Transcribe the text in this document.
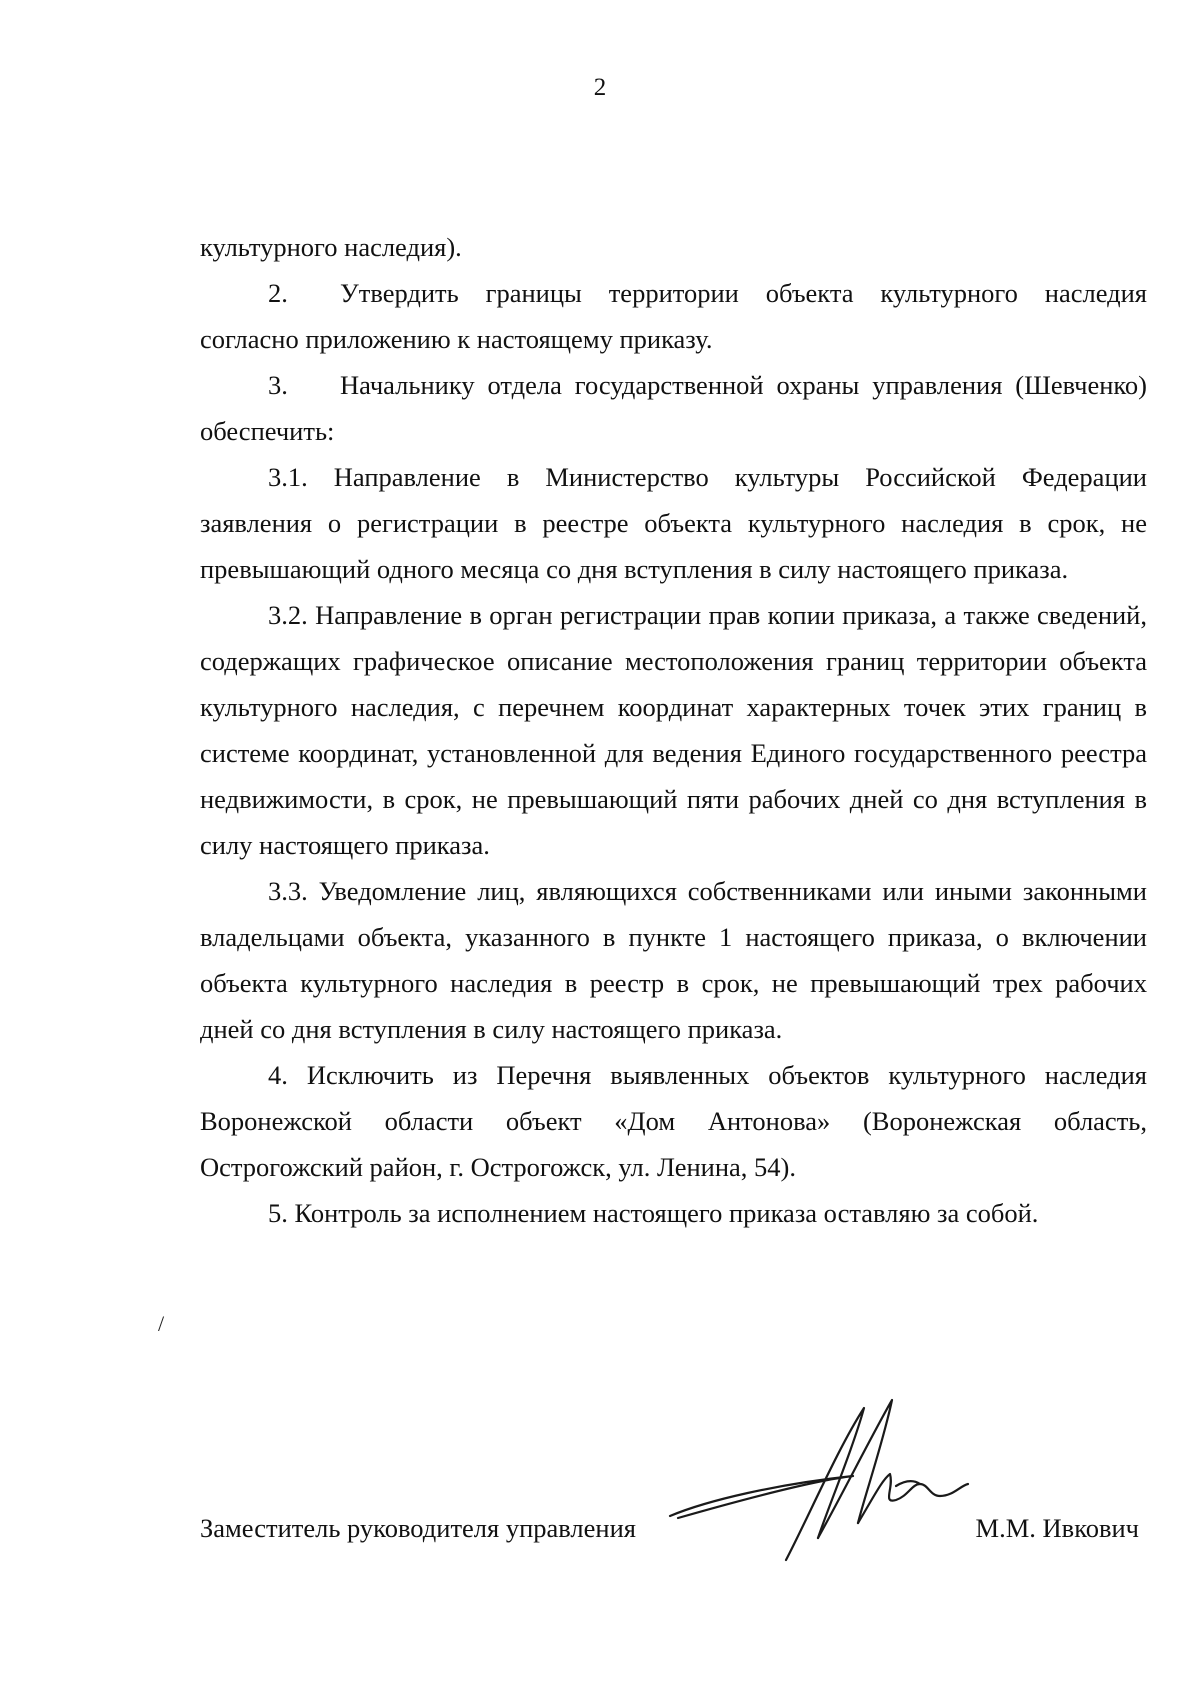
2

культурного наследия).

2. Утвердить границы территории объекта культурного наследия согласно приложению к настоящему приказу.

3. Начальнику отдела государственной охраны управления (Шевченко) обеспечить:

3.1. Направление в Министерство культуры Российской Федерации заявления о регистрации в реестре объекта культурного наследия в срок, не превышающий одного месяца со дня вступления в силу настоящего приказа.

3.2. Направление в орган регистрации прав копии приказа, а также сведений, содержащих графическое описание местоположения границ территории объекта культурного наследия, с перечнем координат характерных точек этих границ в системе координат, установленной для ведения Единого государственного реестра недвижимости, в срок, не превышающий пяти рабочих дней со дня вступления в силу настоящего приказа.

3.3. Уведомление лиц, являющихся собственниками или иными законными владельцами объекта, указанного в пункте 1 настоящего приказа, о включении объекта культурного наследия в реестр в срок, не превышающий трех рабочих дней со дня вступления в силу настоящего приказа.

4. Исключить из Перечня выявленных объектов культурного наследия Воронежской области объект «Дом Антонова» (Воронежская область, Острогожский район, г. Острогожск, ул. Ленина, 54).

5. Контроль за исполнением настоящего приказа оставляю за собой.

/
Заместитель руководителя управления	М.М. Ивкович
